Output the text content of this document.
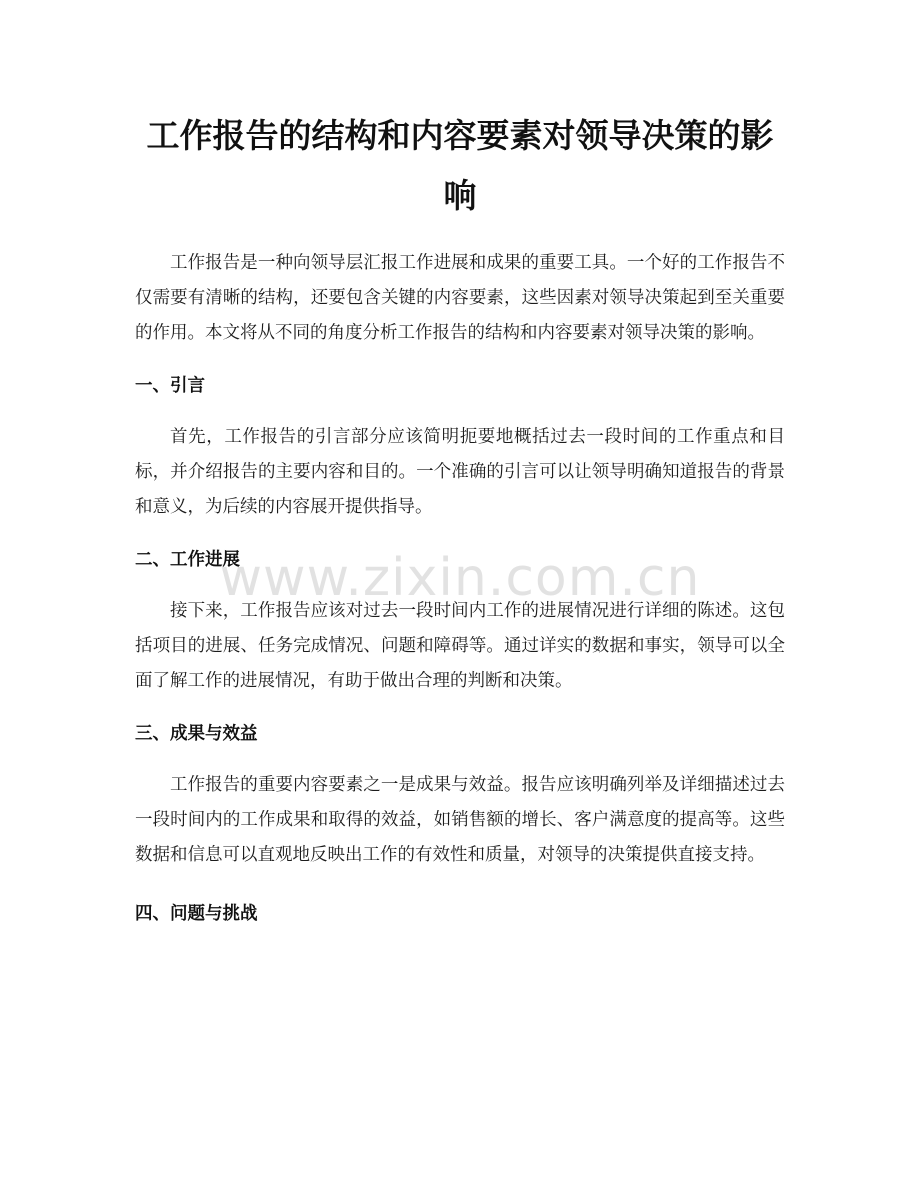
工作报告的结构和内容要素对领导决策的影响

工作报告是一种向领导层汇报工作进展和成果的重要工具。一个好的工作报告不仅需要有清晰的结构，还要包含关键的内容要素，这些因素对领导决策起到至关重要的作用。本文将从不同的角度分析工作报告的结构和内容要素对领导决策的影响。

一、引言

首先，工作报告的引言部分应该简明扼要地概括过去一段时间的工作重点和目标，并介绍报告的主要内容和目的。一个准确的引言可以让领导明确知道报告的背景和意义，为后续的内容展开提供指导。

二、工作进展

接下来，工作报告应该对过去一段时间内工作的进展情况进行详细的陈述。这包括项目的进展、任务完成情况、问题和障碍等。通过详实的数据和事实，领导可以全面了解工作的进展情况，有助于做出合理的判断和决策。

三、成果与效益

工作报告的重要内容要素之一是成果与效益。报告应该明确列举及详细描述过去一段时间内的工作成果和取得的效益，如销售额的增长、客户满意度的提高等。这些数据和信息可以直观地反映出工作的有效性和质量，对领导的决策提供直接支持。

四、问题与挑战
www.zixin.com.cn
